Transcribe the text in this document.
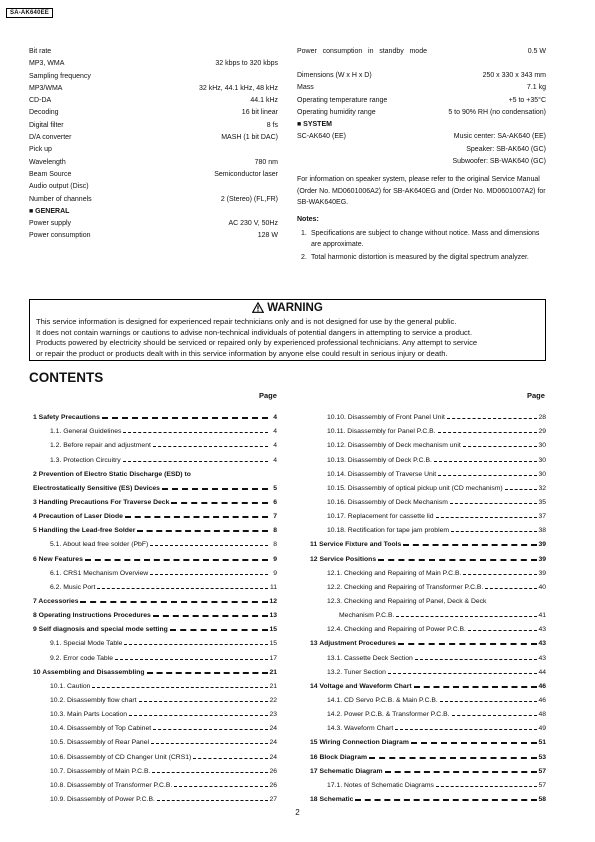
SA-AK640EE
Bit rate
MP3, WMA	32 kbps to 320 kbps
Sampling frequency
MP3/WMA	32 kHz, 44.1 kHz, 48 kHz
CD-DA	44.1 kHz
Decoding	16 bit linear
Digital filter	8 fs
D/A converter	MASH (1 bit DAC)
Pick up
Wavelength	780 nm
Beam Source	Semiconductor laser
Audio output (Disc)
Number of channels	2 (Stereo) (FL,FR)
■ GENERAL
Power supply	AC 230 V, 50Hz
Power consumption	128 W
Power consumption in standby mode	0.5 W
Dimensions (W x H x D)	250 x 330 x 343 mm
Mass	7.1 kg
Operating temperature range	+5 to +35°C
Operating humidity range	5 to 90% RH (no condensation)
■ SYSTEM
SC-AK640 (EE)	Music center: SA-AK640 (EE)
Speaker: SB-AK640 (GC)
Subwoofer: SB-WAK640 (GC)
For information on speaker system, please refer to the original Service Manual (Order No. MD0601006A2) for SB-AK640EG and (Order No. MD0601007A2) for SB-WAK640EG.
Notes:
1. Specifications are subject to change without notice. Mass and dimensions are approximate.
2. Total harmonic distortion is measured by the digital spectrum analyzer.
WARNING
This service information is designed for experienced repair technicians only and is not designed for use by the general public.
It does not contain warnings or cautions to advise non-technical individuals of potential dangers in attempting to service a product.
Products powered by electricity should be serviced or repaired only by experienced professional technicians. Any attempt to service
or repair the product or products dealt with in this service information by anyone else could result in serious injury or death.
CONTENTS
Page	Page
1 Safety Precautions	4
1.1. General Guidelines	4
1.2. Before repair and adjustment	4
1.3. Protection Circuitry	4
2 Prevention of Electro Static Discharge (ESD) to
Electrostatically Sensitive (ES) Devices	5
3 Handling Precautions For Traverse Deck	6
4 Precaution of Laser Diode	7
5 Handling the Lead-free Solder	8
5.1. About lead free solder (PbF)	8
6 New Features	9
6.1. CRS1 Mechanism Overview	9
6.2. Music Port	11
7 Accessories	12
8 Operating Instructions Procedures	13
9 Self diagnosis and special mode setting	15
9.1. Special Mode Table	15
9.2. Error code Table	17
10 Assembling and Disassembling	21
10.1. Caution	21
10.2. Disassembly flow chart	22
10.3. Main Parts Location	23
10.4. Disassembly of Top Cabinet	24
10.5. Disassembly of Rear Panel	24
10.6. Disassembly of CD Changer Unit (CRS1)	24
10.7. Disassembly of Main P.C.B.	26
10.8. Disassembly of Transformer P.C.B.	26
10.9. Disassembly of Power P.C.B.	27
10.10. Disassembly of Front Panel Unit	28
10.11. Disassembly for Panel P.C.B.	29
10.12. Disassembly of Deck mechanism unit	30
10.13. Disassembly of Deck P.C.B.	30
10.14. Disassembly of Traverse Unit	30
10.15. Disassembly of optical pickup unit (CD mechanism)	32
10.16. Disassembly of Deck Mechanism	35
10.17. Replacement for cassette lid	37
10.18. Rectification for tape jam problem	38
11 Service Fixture and Tools	39
12 Service Positions	39
12.1. Checking and Repairing of Main P.C.B.	39
12.2. Checking and Repairing of Transformer P.C.B.	40
12.3. Checking and Repairing of Panel, Deck & Deck
Mechanism P.C.B.	41
12.4. Checking and Repairing of Power P.C.B.	43
13 Adjustment Procedures	43
13.1. Cassette Deck Section	43
13.2. Tuner Section	44
14 Voltage and Waveform Chart	46
14.1. CD Servo P.C.B. & Main P.C.B.	46
14.2. Power P.C.B. & Transformer P.C.B.	48
14.3. Waveform Chart	49
15 Wiring Connection Diagram	51
16 Block Diagram	53
17 Schematic Diagram	57
17.1. Notes of Schematic Diagrams	57
18 Schematic	58
2
